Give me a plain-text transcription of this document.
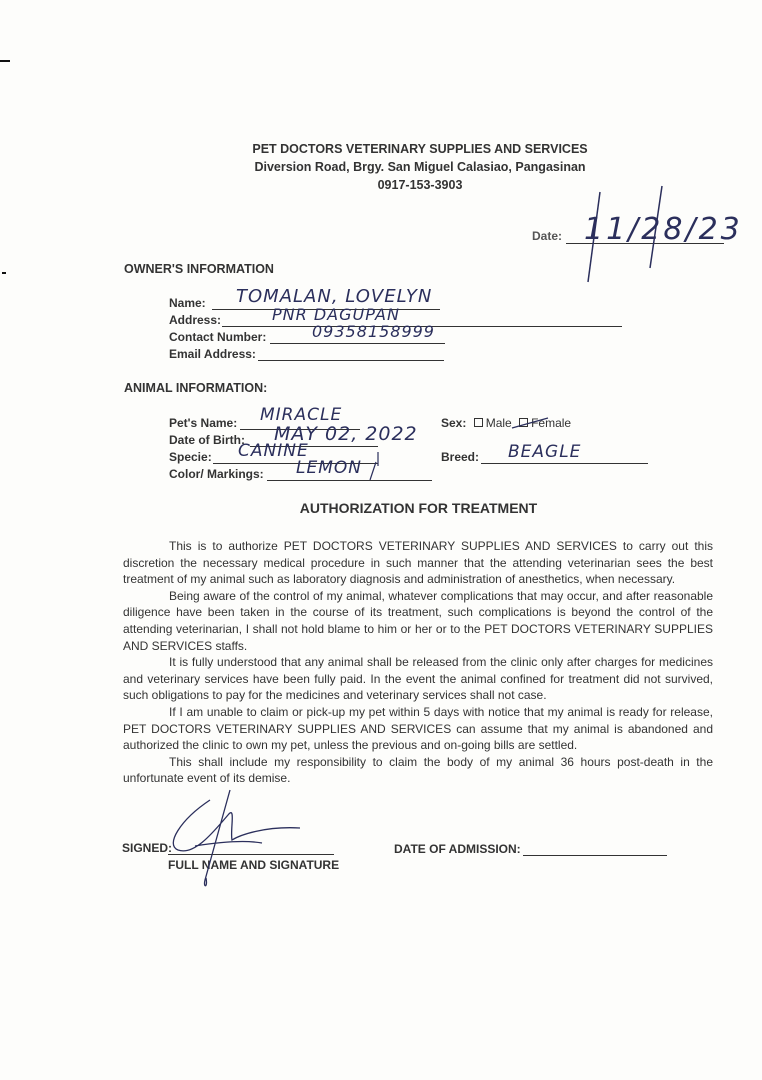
PET DOCTORS VETERINARY SUPPLIES AND SERVICES
Diversion Road, Brgy. San Miguel Calasiao, Pangasinan
0917-153-3903
Date: 11/28/23
OWNER'S INFORMATION
Name: TOMALAN, LOVELYN
Address:	PNR DAGUPAN
Contact Number:	09358158999
Email Address:
ANIMAL INFORMATION:
Pet's Name: MIRACLE
Date of Birth: MAY 02, 2022
Specie: CANINE
Color/ Markings: LEMON
Sex: Male Female
Breed: BEAGLE
AUTHORIZATION FOR TREATMENT

This is to authorize PET DOCTORS VETERINARY SUPPLIES AND SERVICES to carry out this discretion the necessary medical procedure in such manner that the attending veterinarian sees the best treatment of my animal such as laboratory diagnosis and administration of anesthetics, when necessary.

Being aware of the control of my animal, whatever complications that may occur, and after reasonable diligence have been taken in the course of its treatment, such complications is beyond the control of the attending veterinarian, I shall not hold blame to him or her or to the PET DOCTORS VETERINARY SUPPLIES AND SERVICES staffs.

It is fully understood that any animal shall be released from the clinic only after charges for medicines and veterinary services have been fully paid. In the event the animal confined for treatment did not survived, such obligations to pay for the medicines and veterinary services shall not case.

If I am unable to claim or pick-up my pet within 5 days with notice that my animal is ready for release, PET DOCTORS VETERINARY SUPPLIES AND SERVICES can assume that my animal is abandoned and authorized the clinic to own my pet, unless the previous and on-going bills are settled.

This shall include my responsibility to claim the body of my animal 36 hours post-death in the unfortunate event of its demise.

SIGNED:
FULL NAME AND SIGNATURE
DATE OF ADMISSION:
